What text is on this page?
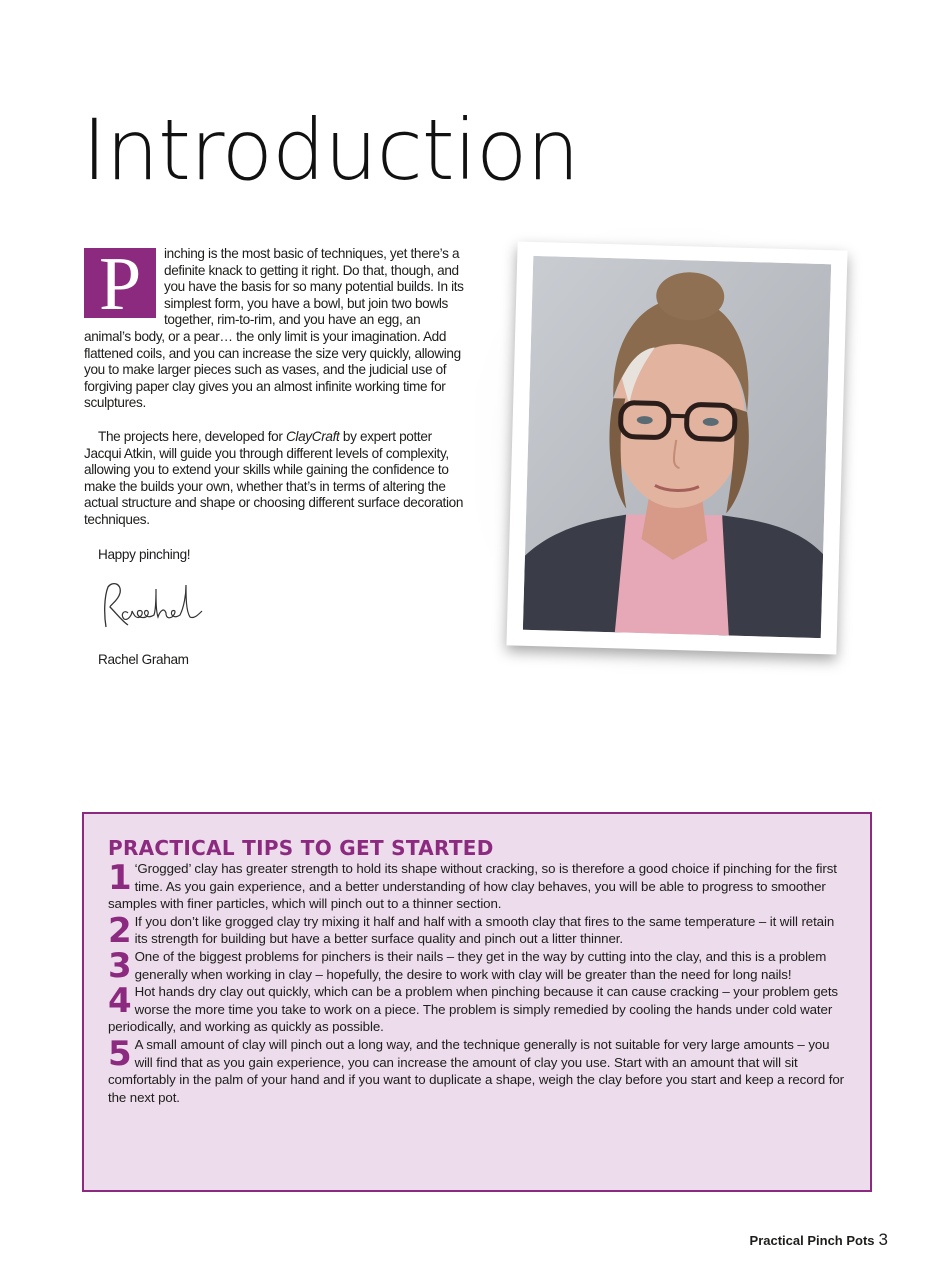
Introduction

P	inching is the most basic of techniques, yet there’s a definite knack to getting it right. Do that, though, and you have the basis for so many potential builds. In its simplest form, you have a bowl, but join two bowls together, rim-to-rim, and you have an egg, an animal’s body, or a pear… the only limit is your imagination. Add flattened coils, and you can increase the size very quickly, allowing you to make larger pieces such as vases, and the judicial use of forgiving paper clay gives you an almost infinite working time for sculptures.

The projects here, developed for ClayCraft by expert potter Jacqui Atkin, will guide you through different levels of complexity, allowing you to extend your skills while gaining the confidence to make the builds your own, whether that’s in terms of altering the actual structure and shape or choosing different surface decoration techniques.

Happy pinching!
Rachel Graham
PRACTICAL TIPS TO GET STARTED

1 ‘Grogged’ clay has greater strength to hold its shape without cracking, so is therefore a good choice if pinching for the first time. As you gain experience, and a better understanding of how clay behaves, you will be able to progress to smoother samples with finer particles, which will pinch out to a thinner section.

2 If you don’t like grogged clay try mixing it half and half with a smooth clay that fires to the same temperature – it will retain its strength for building but have a better surface quality and pinch out a litter thinner.

3 One of the biggest problems for pinchers is their nails – they get in the way by cutting into the clay, and this is a problem generally when working in clay – hopefully, the desire to work with clay will be greater than the need for long nails!

4 Hot hands dry clay out quickly, which can be a problem when pinching because it can cause cracking – your problem gets worse the more time you take to work on a piece. The problem is simply remedied by cooling the hands under cold water periodically, and working as quickly as possible.

5 A small amount of clay will pinch out a long way, and the technique generally is not suitable for very large amounts – you will find that as you gain experience, you can increase the amount of clay you use. Start with an amount that will sit comfortably in the palm of your hand and if you want to duplicate a shape, weigh the clay before you start and keep a record for the next pot.

Practical Pinch Pots 3
